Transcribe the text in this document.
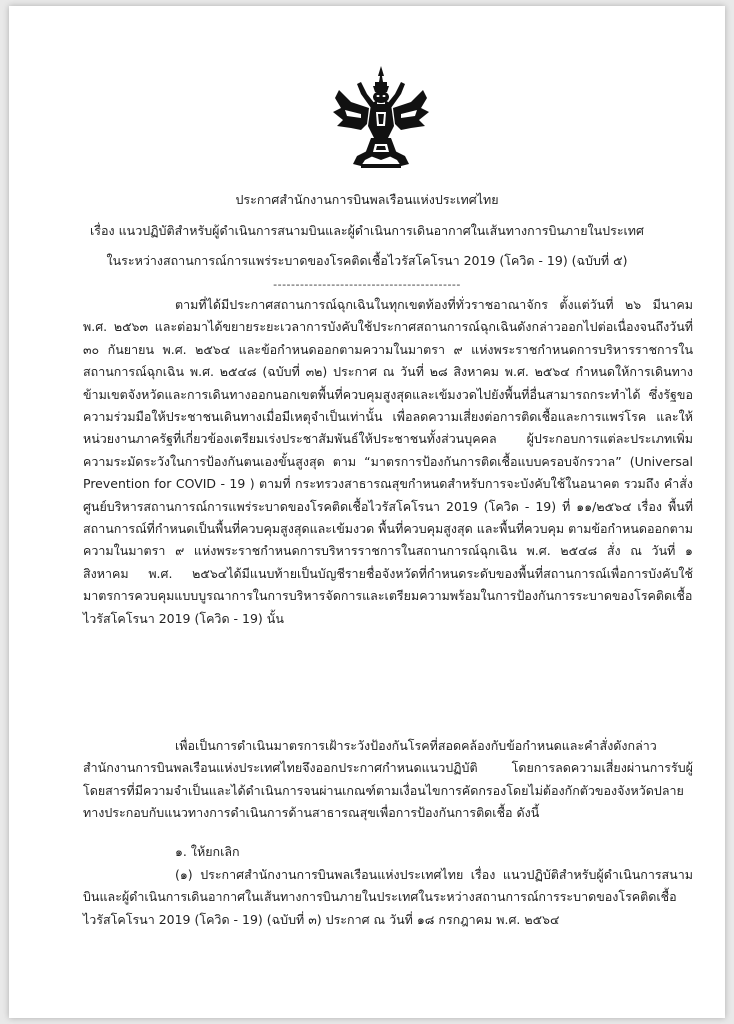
ประกาศสำนักงานการบินพลเรือนแห่งประเทศไทย
เรื่อง แนวปฏิบัติสำหรับผู้ดำเนินการสนามบินและผู้ดำเนินการเดินอากาศในเส้นทางการบินภายในประเทศ
ในระหว่างสถานการณ์การแพร่ระบาดของโรคติดเชื้อไวรัสโคโรนา 2019 (โควิด - 19) (ฉบับที่ ๕)
------------------------------------------
ตามที่ได้มีประกาศสถานการณ์ฉุกเฉินในทุกเขตท้องที่ทั่วราชอาณาจักร ตั้งแต่วันที่ ๒๖ มีนาคม พ.ศ. ๒๕๖๓ และต่อมาได้ขยายระยะเวลาการบังคับใช้ประกาศสถานการณ์ฉุกเฉินดังกล่าวออกไปต่อเนื่องจนถึงวันที่ ๓๐ กันยายน พ.ศ. ๒๕๖๔ และข้อกำหนดออกตามความในมาตรา ๙ แห่งพระราชกำหนดการบริหารราชการในสถานการณ์ฉุกเฉิน พ.ศ. ๒๕๔๘ (ฉบับที่ ๓๒) ประกาศ ณ วันที่ ๒๘ สิงหาคม พ.ศ. ๒๕๖๔ กำหนดให้การเดินทางข้ามเขตจังหวัดและการเดินทางออกนอกเขตพื้นที่ควบคุมสูงสุดและเข้มงวดไปยังพื้นที่อื่นสามารถกระทำได้ ซึ่งรัฐขอความร่วมมือให้ประชาชนเดินทางเมื่อมีเหตุจำเป็นเท่านั้น เพื่อลดความเสี่ยงต่อการติดเชื้อและการแพร่โรค และให้หน่วยงานภาครัฐที่เกี่ยวข้องเตรียมเร่งประชาสัมพันธ์ให้ประชาชนทั้งส่วนบุคคล ผู้ประกอบการแต่ละประเภทเพิ่มความระมัดระวังในการป้องกันตนเองขั้นสูงสุด ตาม “มาตรการป้องกันการติดเชื้อแบบครอบจักรวาล” (Universal Prevention for COVID - 19 ) ตามที่ กระทรวงสาธารณสุขกำหนดสำหรับการจะบังคับใช้ในอนาคต รวมถึง คำสั่งศูนย์บริหารสถานการณ์การแพร่ระบาดของโรคติดเชื้อไวรัสโคโรนา 2019 (โควิด - 19) ที่ ๑๑/๒๕๖๔ เรื่อง พื้นที่สถานการณ์ที่กำหนดเป็นพื้นที่ควบคุมสูงสุดและเข้มงวด พื้นที่ควบคุมสูงสุด และพื้นที่ควบคุม ตามข้อกำหนดออกตามความในมาตรา ๙ แห่งพระราชกำหนดการบริหารราชการในสถานการณ์ฉุกเฉิน พ.ศ. ๒๕๔๘ สั่ง ณ วันที่ ๑ สิงหาคม พ.ศ. ๒๕๖๔ได้มีแนบท้ายเป็นบัญชีรายชื่อจังหวัดที่กำหนดระดับของพื้นที่สถานการณ์เพื่อการบังคับใช้มาตรการควบคุมแบบบูรณาการในการบริหารจัดการและเตรียมความพร้อมในการป้องกันการระบาดของโรคติดเชื้อไวรัสโคโรนา 2019 (โควิด - 19) นั้น
เพื่อเป็นการดำเนินมาตรการเฝ้าระวังป้องกันโรคที่สอดคล้องกับข้อกำหนดและคำสั่งดังกล่าว สำนักงานการบินพลเรือนแห่งประเทศไทยจึงออกประกาศกำหนดแนวปฏิบัติ โดยการลดความเสี่ยงผ่านการรับผู้โดยสารที่มีความจำเป็นและได้ดำเนินการจนผ่านเกณฑ์ตามเงื่อนไขการคัดกรองโดยไม่ต้องกักตัวของจังหวัดปลายทางประกอบกับแนวทางการดำเนินการด้านสาธารณสุขเพื่อการป้องกันการติดเชื้อ ดังนี้
๑. ให้ยกเลิก
(๑) ประกาศสำนักงานการบินพลเรือนแห่งประเทศไทย เรื่อง แนวปฏิบัติสำหรับผู้ดำเนินการสนามบินและผู้ดำเนินการเดินอากาศในเส้นทางการบินภายในประเทศในระหว่างสถานการณ์การระบาดของโรคติดเชื้อไวรัสโคโรนา 2019 (โควิด - 19) (ฉบับที่ ๓) ประกาศ ณ วันที่ ๑๘ กรกฎาคม พ.ศ. ๒๕๖๔
